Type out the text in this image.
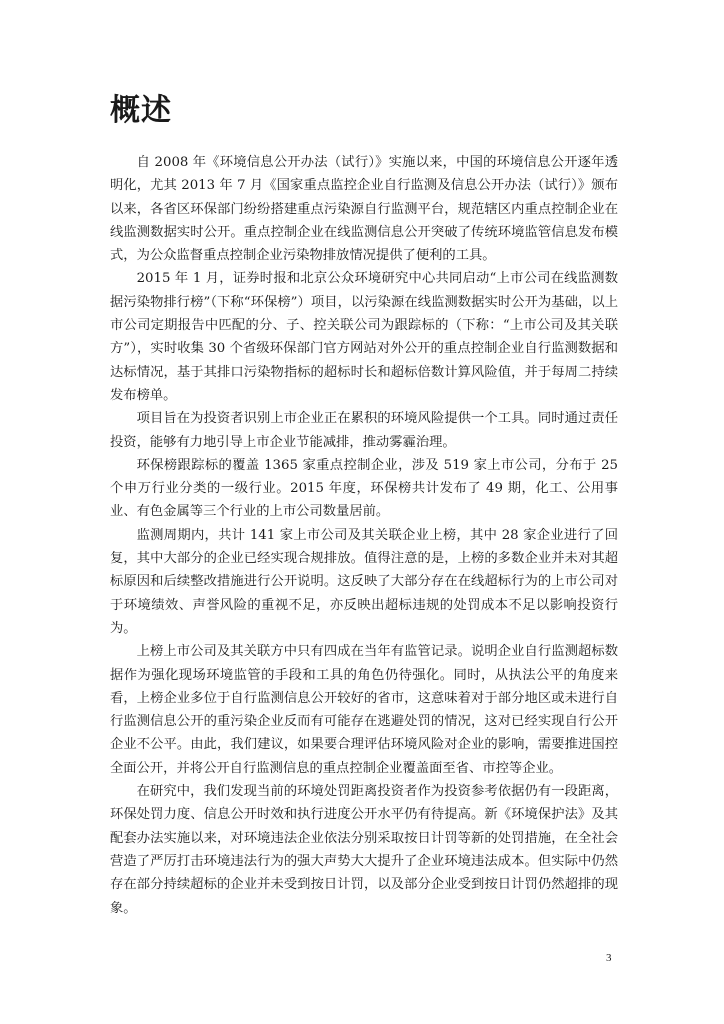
概述

自 2008 年《环境信息公开办法（试行）》实施以来，中国的环境信息公开逐年透明化，尤其 2013 年 7 月《国家重点监控企业自行监测及信息公开办法（试行）》颁布以来，各省区环保部门纷纷搭建重点污染源自行监测平台，规范辖区内重点控制企业在线监测数据实时公开。重点控制企业在线监测信息公开突破了传统环境监管信息发布模式，为公众监督重点控制企业污染物排放情况提供了便利的工具。

2015 年 1 月，证券时报和北京公众环境研究中心共同启动“上市公司在线监测数据污染物排行榜”（下称“环保榜”）项目，以污染源在线监测数据实时公开为基础，以上市公司定期报告中匹配的分、子、控关联公司为跟踪标的（下称：“上市公司及其关联方”），实时收集 30 个省级环保部门官方网站对外公开的重点控制企业自行监测数据和达标情况，基于其排口污染物指标的超标时长和超标倍数计算风险值，并于每周二持续发布榜单。

项目旨在为投资者识别上市企业正在累积的环境风险提供一个工具。同时通过责任投资，能够有力地引导上市企业节能减排，推动雾霾治理。

环保榜跟踪标的覆盖 1365 家重点控制企业，涉及 519 家上市公司，分布于 25 个申万行业分类的一级行业。2015 年度，环保榜共计发布了 49 期，化工、公用事业、有色金属等三个行业的上市公司数量居前。

监测周期内，共计 141 家上市公司及其关联企业上榜，其中 28 家企业进行了回复，其中大部分的企业已经实现合规排放。值得注意的是，上榜的多数企业并未对其超标原因和后续整改措施进行公开说明。这反映了大部分存在在线超标行为的上市公司对于环境绩效、声誉风险的重视不足，亦反映出超标违规的处罚成本不足以影响投资行为。

上榜上市公司及其关联方中只有四成在当年有监管记录。说明企业自行监测超标数据作为强化现场环境监管的手段和工具的角色仍待强化。同时，从执法公平的角度来看，上榜企业多位于自行监测信息公开较好的省市，这意味着对于部分地区或未进行自行监测信息公开的重污染企业反而有可能存在逃避处罚的情况，这对已经实现自行公开企业不公平。由此，我们建议，如果要合理评估环境风险对企业的影响，需要推进国控全面公开，并将公开自行监测信息的重点控制企业覆盖面至省、市控等企业。

在研究中，我们发现当前的环境处罚距离投资者作为投资参考依据仍有一段距离，环保处罚力度、信息公开时效和执行进度公开水平仍有待提高。新《环境保护法》及其配套办法实施以来，对环境违法企业依法分别采取按日计罚等新的处罚措施，在全社会营造了严厉打击环境违法行为的强大声势大大提升了企业环境违法成本。但实际中仍然存在部分持续超标的企业并未受到按日计罚，以及部分企业受到按日计罚仍然超排的现象。

3
